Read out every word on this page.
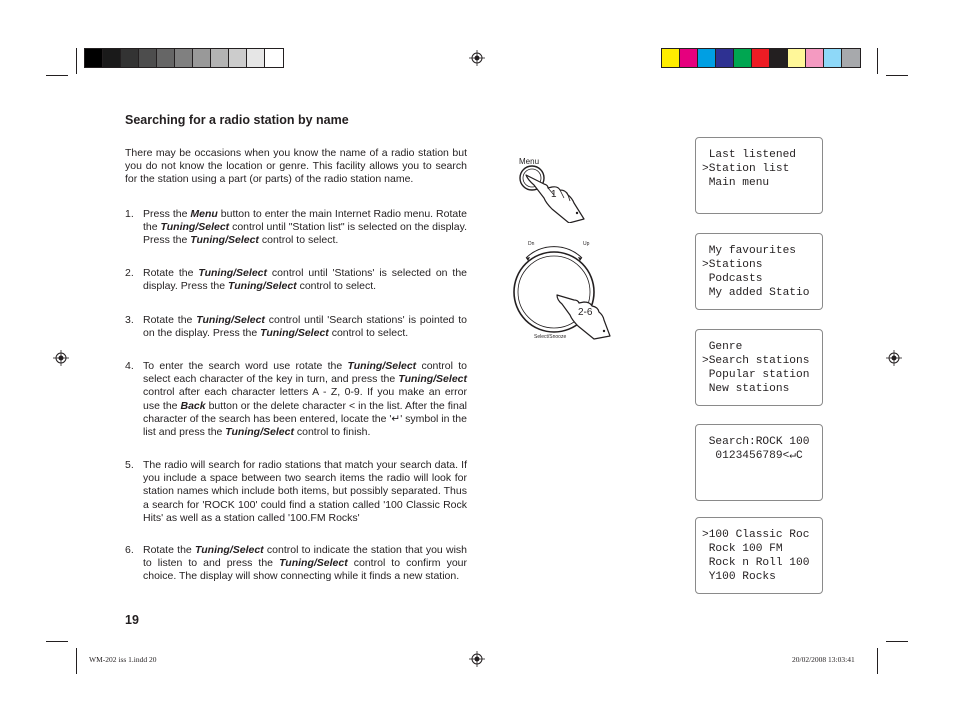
Searching for a radio station by name
There may be occasions when you know the name of a radio station but you do not know the location or genre. This facility allows you to search for the station using a part (or parts) of the radio station name.
1. Press the Menu button to enter the main Internet Radio menu. Rotate the Tuning/Select control until "Station list" is selected on the display. Press the Tuning/Select control to select.
2. Rotate the Tuning/Select control until 'Stations' is selected on the display. Press the Tuning/Select control to select.
3. Rotate the Tuning/Select control until 'Search stations' is pointed to on the display. Press the Tuning/Select control to select.
4. To enter the search word use rotate the Tuning/Select control to select each character of the key in turn, and press the Tuning/Select control after each character letters A - Z, 0-9. If you make an error use the Back button or the delete character < in the list. After the final character of the search has been entered, locate the '↵' symbol in the list and press the Tuning/Select control to finish.
5. The radio will search for radio stations that match your search data. If you include a space between two search items the radio will look for station names which include both items, but possibly separated. Thus a search for 'ROCK 100' could find a station called '100 Classic Rock Hits' as well as a station called '100.FM Rocks'
6. Rotate the Tuning/Select control to indicate the station that you wish to listen to and press the Tuning/Select control to confirm your choice. The display will show connecting while it finds a new station.
19
WM-202 iss 1.indd 20	20/02/2008 13:03:41
Menu
1
Dn	Up
Select/Snooze
2-6
Last listened
>Station list
Main menu
My favourites
>Stations
Podcasts
My added Statio
Genre
>Search stations
Popular station
New stations
Search:ROCK 100
0123456789<↵C
>100 Classic Roc
Rock 100 FM
Rock n Roll 100
Y100 Rocks
